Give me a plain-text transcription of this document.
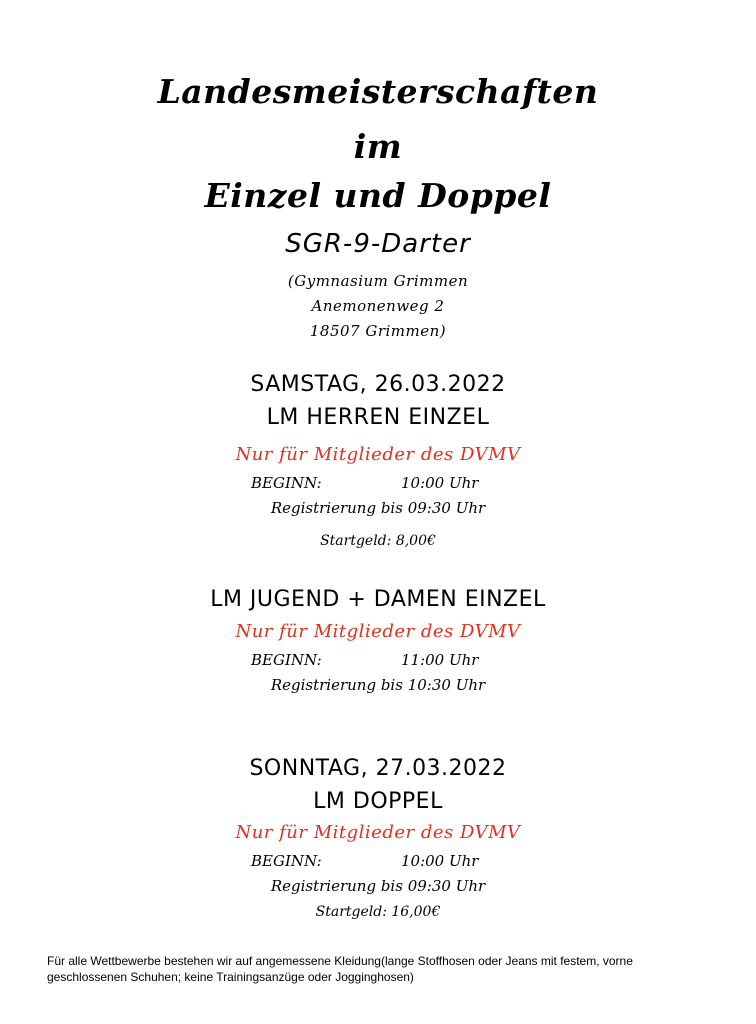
Landesmeisterschaften
im
Einzel und Doppel
SGR-9-Darter
(Gymnasium Grimmen
Anemonenweg 2
18507 Grimmen)
SAMSTAG, 26.03.2022
LM HERREN EINZEL
Nur für Mitglieder des DVMV
BEGINN:	10:00 Uhr
Registrierung bis 09:30 Uhr
Startgeld: 8,00€
LM JUGEND + DAMEN EINZEL
Nur für Mitglieder des DVMV
BEGINN:	11:00 Uhr
Registrierung bis 10:30 Uhr
SONNTAG, 27.03.2022
LM DOPPEL
Nur für Mitglieder des DVMV
BEGINN:	10:00 Uhr
Registrierung bis 09:30 Uhr
Startgeld: 16,00€
Für alle Wettbewerbe bestehen wir auf angemessene Kleidung(lange Stoffhosen oder Jeans mit festem, vorne geschlossenen Schuhen; keine Trainingsanzüge oder Jogginghosen)
